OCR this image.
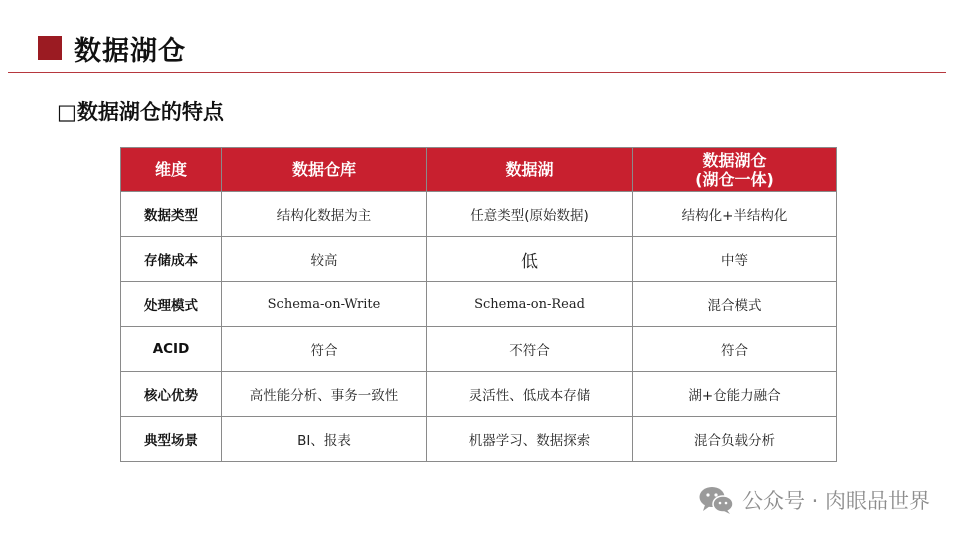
数据湖仓
□数据湖仓的特点
维度	数据仓库	数据湖	数据湖仓
(湖仓一体)

数据类型	结构化数据为主	任意类型(原始数据)	结构化+半结构化
存储成本	较高	低	中等
处理模式	Schema-on-Write	Schema-on-Read	混合模式
ACID	符合	不符合	符合
核心优势	高性能分析、事务一致性	灵活性、低成本存储	湖+仓能力融合
典型场景	BI、报表	机器学习、数据探索	混合负载分析
公众号 · 肉眼品世界
